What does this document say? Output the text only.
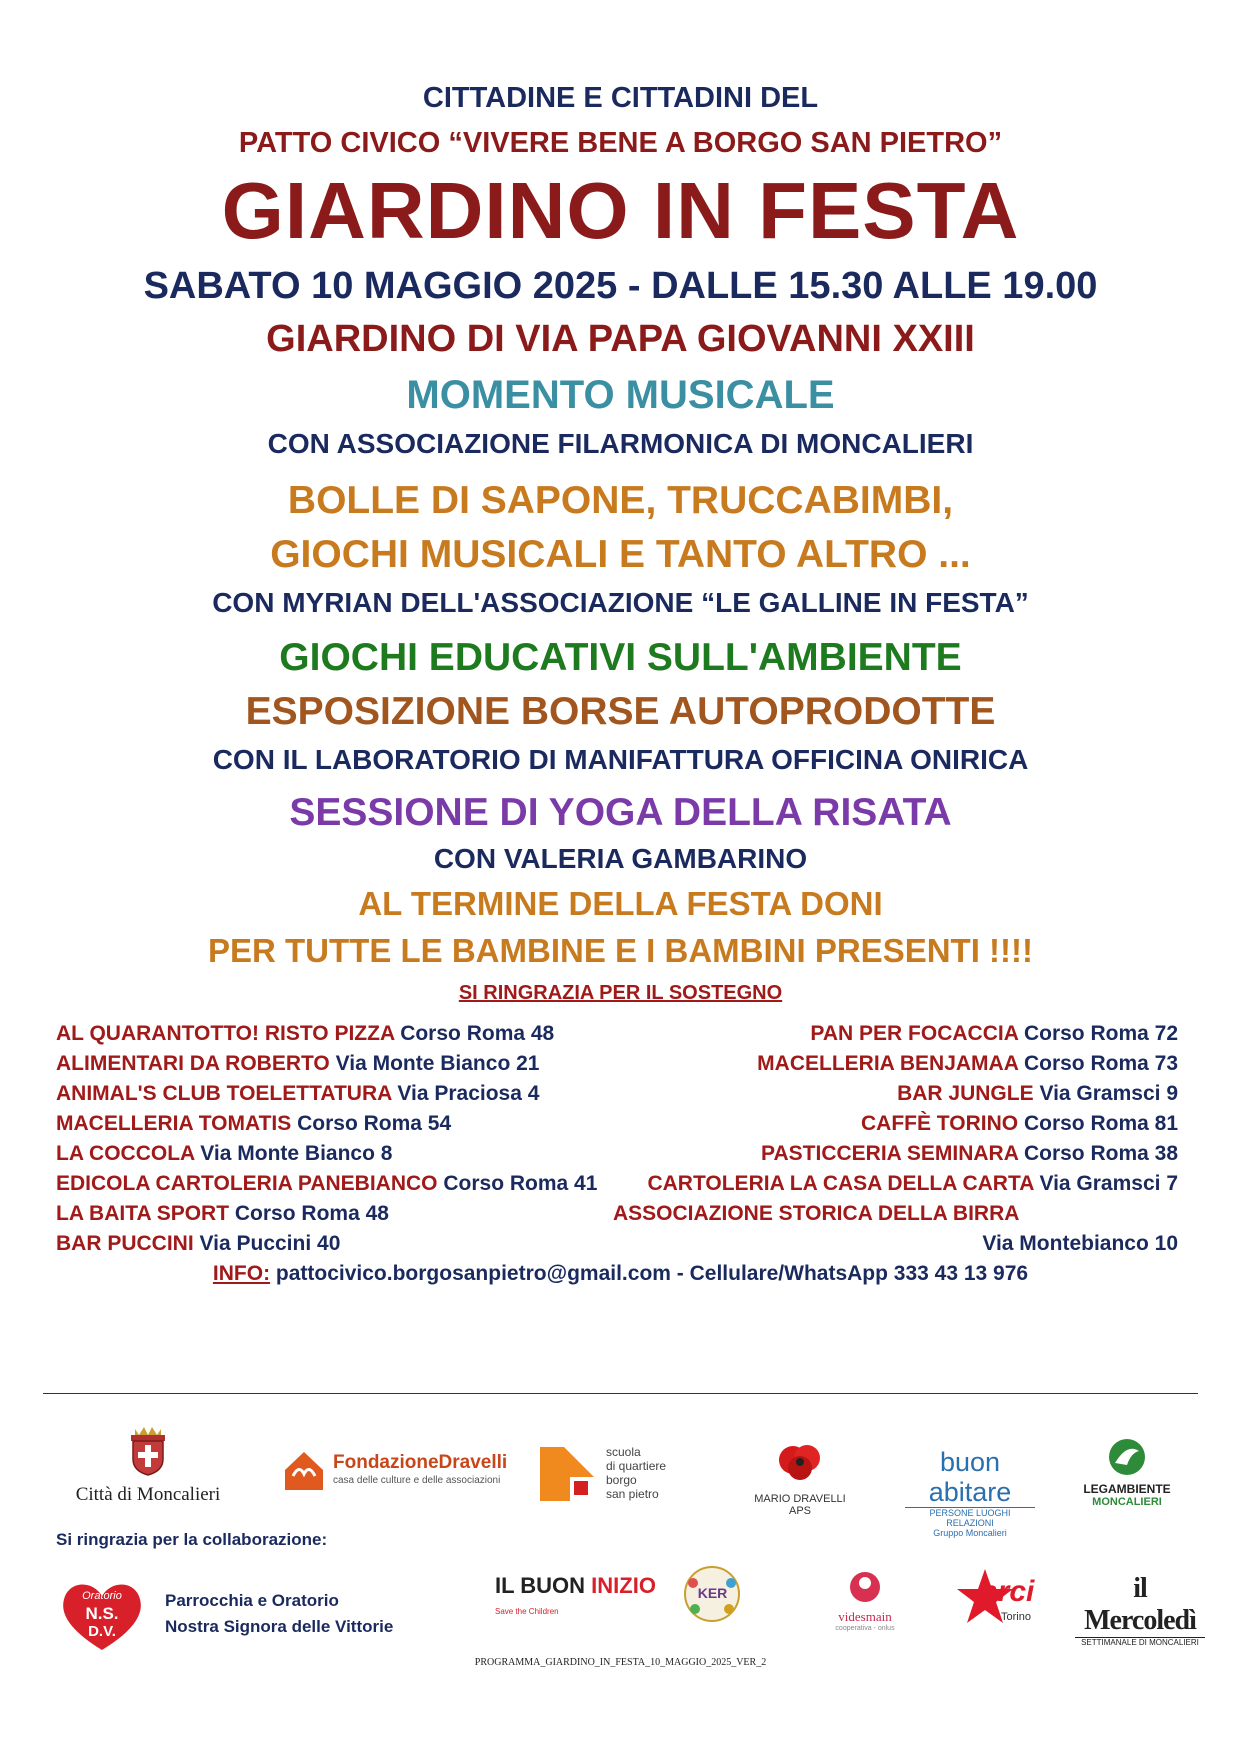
CITTADINE E CITTADINI DEL
PATTO CIVICO “VIVERE BENE A BORGO SAN PIETRO”
GIARDINO IN FESTA
SABATO 10 MAGGIO 2025 - DALLE 15.30 ALLE 19.00
GIARDINO DI VIA PAPA GIOVANNI XXIII
MOMENTO MUSICALE
CON ASSOCIAZIONE FILARMONICA DI MONCALIERI
BOLLE DI SAPONE, TRUCCABIMBI,
GIOCHI MUSICALI E TANTO ALTRO ...
CON MYRIAN DELL'ASSOCIAZIONE “LE GALLINE IN FESTA”
GIOCHI EDUCATIVI SULL'AMBIENTE
ESPOSIZIONE BORSE AUTOPRODOTTE
CON IL LABORATORIO DI MANIFATTURA OFFICINA ONIRICA
SESSIONE DI YOGA DELLA RISATA
CON VALERIA GAMBARINO
AL TERMINE DELLA FESTA DONI
PER TUTTE LE BAMBINE E I BAMBINI PRESENTI !!!!
SI RINGRAZIA PER IL SOSTEGNO
AL QUARANTOTTO! RISTO PIZZA Corso Roma 48
ALIMENTARI DA ROBERTO Via Monte Bianco 21
ANIMAL'S CLUB TOELETTATURA Via Praciosa 4
MACELLERIA TOMATIS Corso Roma 54
LA COCCOLA Via Monte Bianco 8
EDICOLA CARTOLERIA PANEBIANCO Corso Roma 41
LA BAITA SPORT Corso Roma 48
BAR PUCCINI Via Puccini 40
PAN PER FOCACCIA Corso Roma 72
MACELLERIA BENJAMAA Corso Roma 73
BAR JUNGLE Via Gramsci 9
CAFFÈ TORINO Corso Roma 81
PASTICCERIA SEMINARA Corso Roma 38
CARTOLERIA LA CASA DELLA CARTA Via Gramsci 7
ASSOCIAZIONE STORICA DELLA BIRRA
Via Montebianco 10
INFO: pattocivico.borgosanpietro@gmail.com - Cellulare/WhatsApp 333 43 13 976
Città di Moncalieri
FondazioneDravelli
casa delle culture e delle associazioni
scuola
di quartiere
borgo
san pietro	MARIO DRAVELLI APS
buon abitare
PERSONE LUOGHI RELAZIONI
Gruppo Moncalieri
LEGAMBIENTE
MONCALIERI
Si ringrazia per la collaborazione:
Oratorio
N.S.
D.V.
Parrocchia e Oratorio
Nostra Signora delle Vittorie
IL BUON INIZIO
Save the Children
KER
videsmain
cooperativa - onlus
arci
Torino
il Mercoledì
SETTIMANALE DI MONCALIERI
PROGRAMMA_GIARDINO_IN_FESTA_10_MAGGIO_2025_VER_2
